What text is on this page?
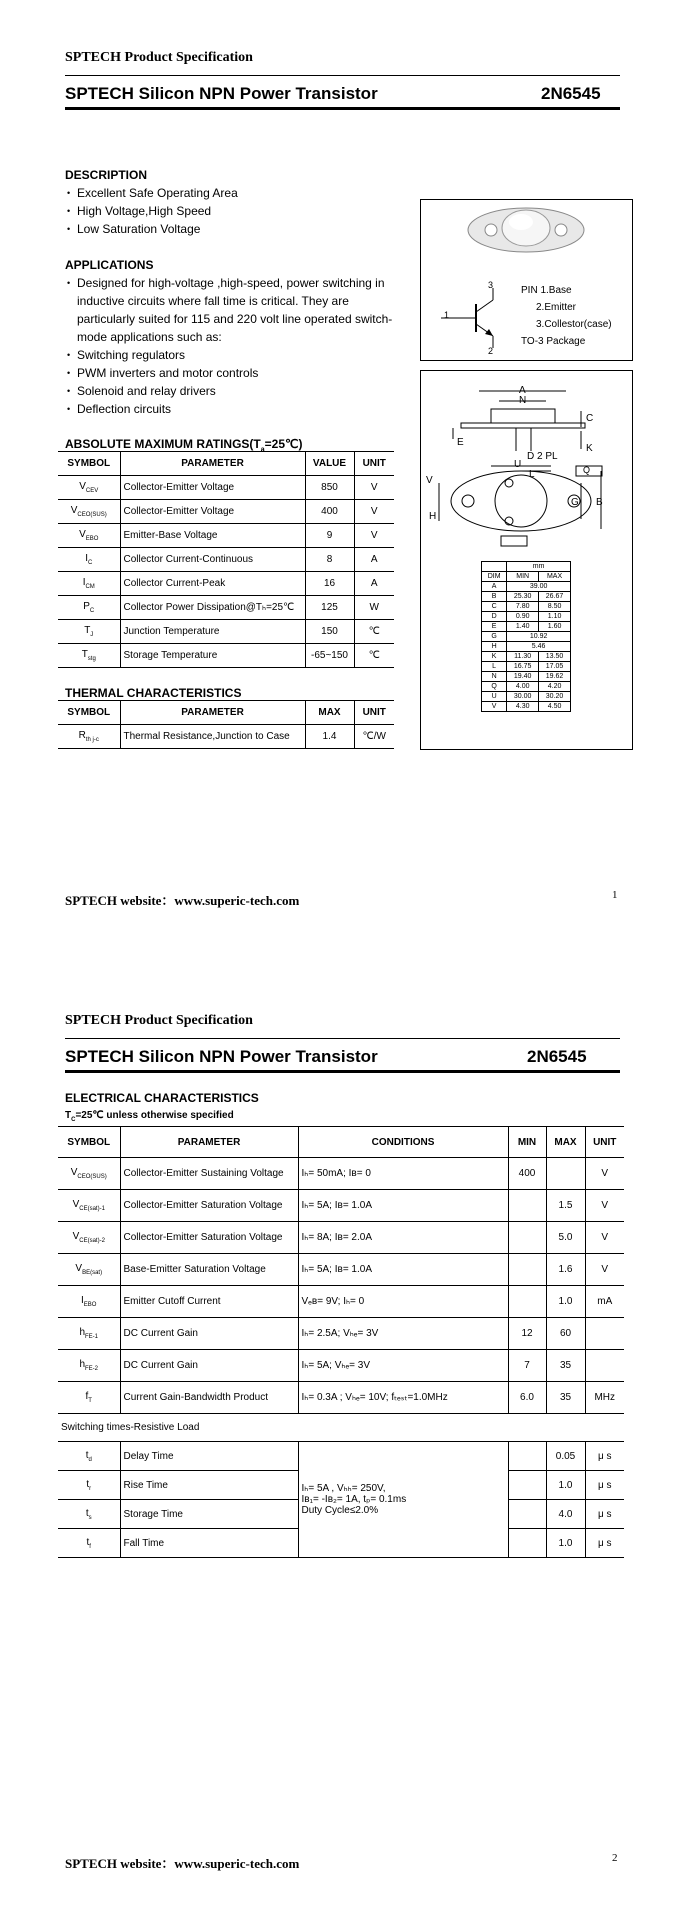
SPTECH Product Specification
SPTECH Silicon NPN Power Transistor	2N6545
DESCRIPTION
• Excellent Safe Operating Area
• High Voltage,High Speed
• Low Saturation Voltage
APPLICATIONS
• Designed for high-voltage ,high-speed, power switching in inductive circuits where fall time is critical. They are particularly suited for 115 and 220 volt line operated switch-mode applications such as:
• Switching regulators
• PWM inverters and motor controls
• Solenoid and relay drivers
• Deflection circuits
3
1
2
PIN 1.Base
2.Emitter
3.Collestor(case)
TO-3 Package
A
N
C
E
K
D 2 PL
U
L	Q
G B
H
V
	mm	
DIM	MIN	MAX
A	39.00	
B	25.30	26.67
C	7.80	8.50
D	0.90	1.10
E	1.40	1.60
G	10.92	
H	5.46	
K	11.30	13.50
L	16.75	17.05
N	19.40	19.62
Q	4.00	4.20
U	30.00	30.20
V	4.30	4.50
ABSOLUTE MAXIMUM $RATINGS(T_a=25℃)$
SYMBOL	PARAMETER	VALUE	UNIT
$V_{CEV}$	Collector-Emitter Voltage	850	V
$V_{CEO(SUS)}$	Collector-Emitter Voltage	400	V
$V_{EBO}$	Emitter-Base Voltage	9	V
$I_C$	Collector Current-Continuous	8	A
$I_{CM}$	Collector Current-Peak	16	A
$P_C$	Collector Power Dissipation@Tₕ=25℃	125	W
$T_J$	Junction Temperature	150	℃
$T_{stg}$	Storage Temperature	-65~150	℃
THERMAL CHARACTERISTICS
SYMBOL	PARAMETER	MAX	UNIT
$R_{th j-c}$	Thermal Resistance,Junction to Case	1.4	℃/W
SPTECH website：www.superic-tech.com	1
SPTECH Product Specification
SPTECH Silicon NPN Power Transistor	2N6545
ELECTRICAL CHARACTERISTICS
$T_C=25℃$ unless otherwise specified
SYMBOL	PARAMETER	CONDITIONS	MIN	MAX	UNIT
$V_{CEO(SUS)}$	Collector-Emitter Sustaining Voltage	Iₕ= 50mA; Iʙ= 0	400		V
$V_{CE(sat)-1}$	Collector-Emitter Saturation Voltage	Iₕ= 5A; Iʙ= 1.0A		1.5	V
$V_{CE(sat)-2}$	Collector-Emitter Saturation Voltage	Iₕ= 8A; Iʙ= 2.0A		5.0	V
$V_{BE(sat)}$	Base-Emitter Saturation Voltage	Iₕ= 5A; Iʙ= 1.0A		1.6	V
$I_{EBO}$	Emitter Cutoff Current	Vₑʙ= 9V; Iₕ= 0		1.0	mA
$h_{FE-1}$	DC Current Gain	Iₕ= 2.5A; Vₕₑ= 3V	12	60	
$h_{FE-2}$	DC Current Gain	Iₕ= 5A; Vₕₑ= 3V	7	35	
$f_T$	Current Gain-Bandwidth Product	Iₕ= 0.3A ; Vₕₑ= 10V; fₜₑₛₜ=1.0MHz	6.0	35	MHz
Switching times-Resistive Load					
$t_d$	Delay Time	Iₕ= 5A , Vₕₕ= 250V,
Iʙ₁= -Iʙ₂= 1A, tₚ= 0.1ms
Duty Cycle≤2.0%		0.05	μ s
$t_r$	Rise Time			1.0	μ s
$t_s$	Storage Time			4.0	μ s
$t_f$	Fall Time			1.0	μ s
SPTECH website：www.superic-tech.com	2
